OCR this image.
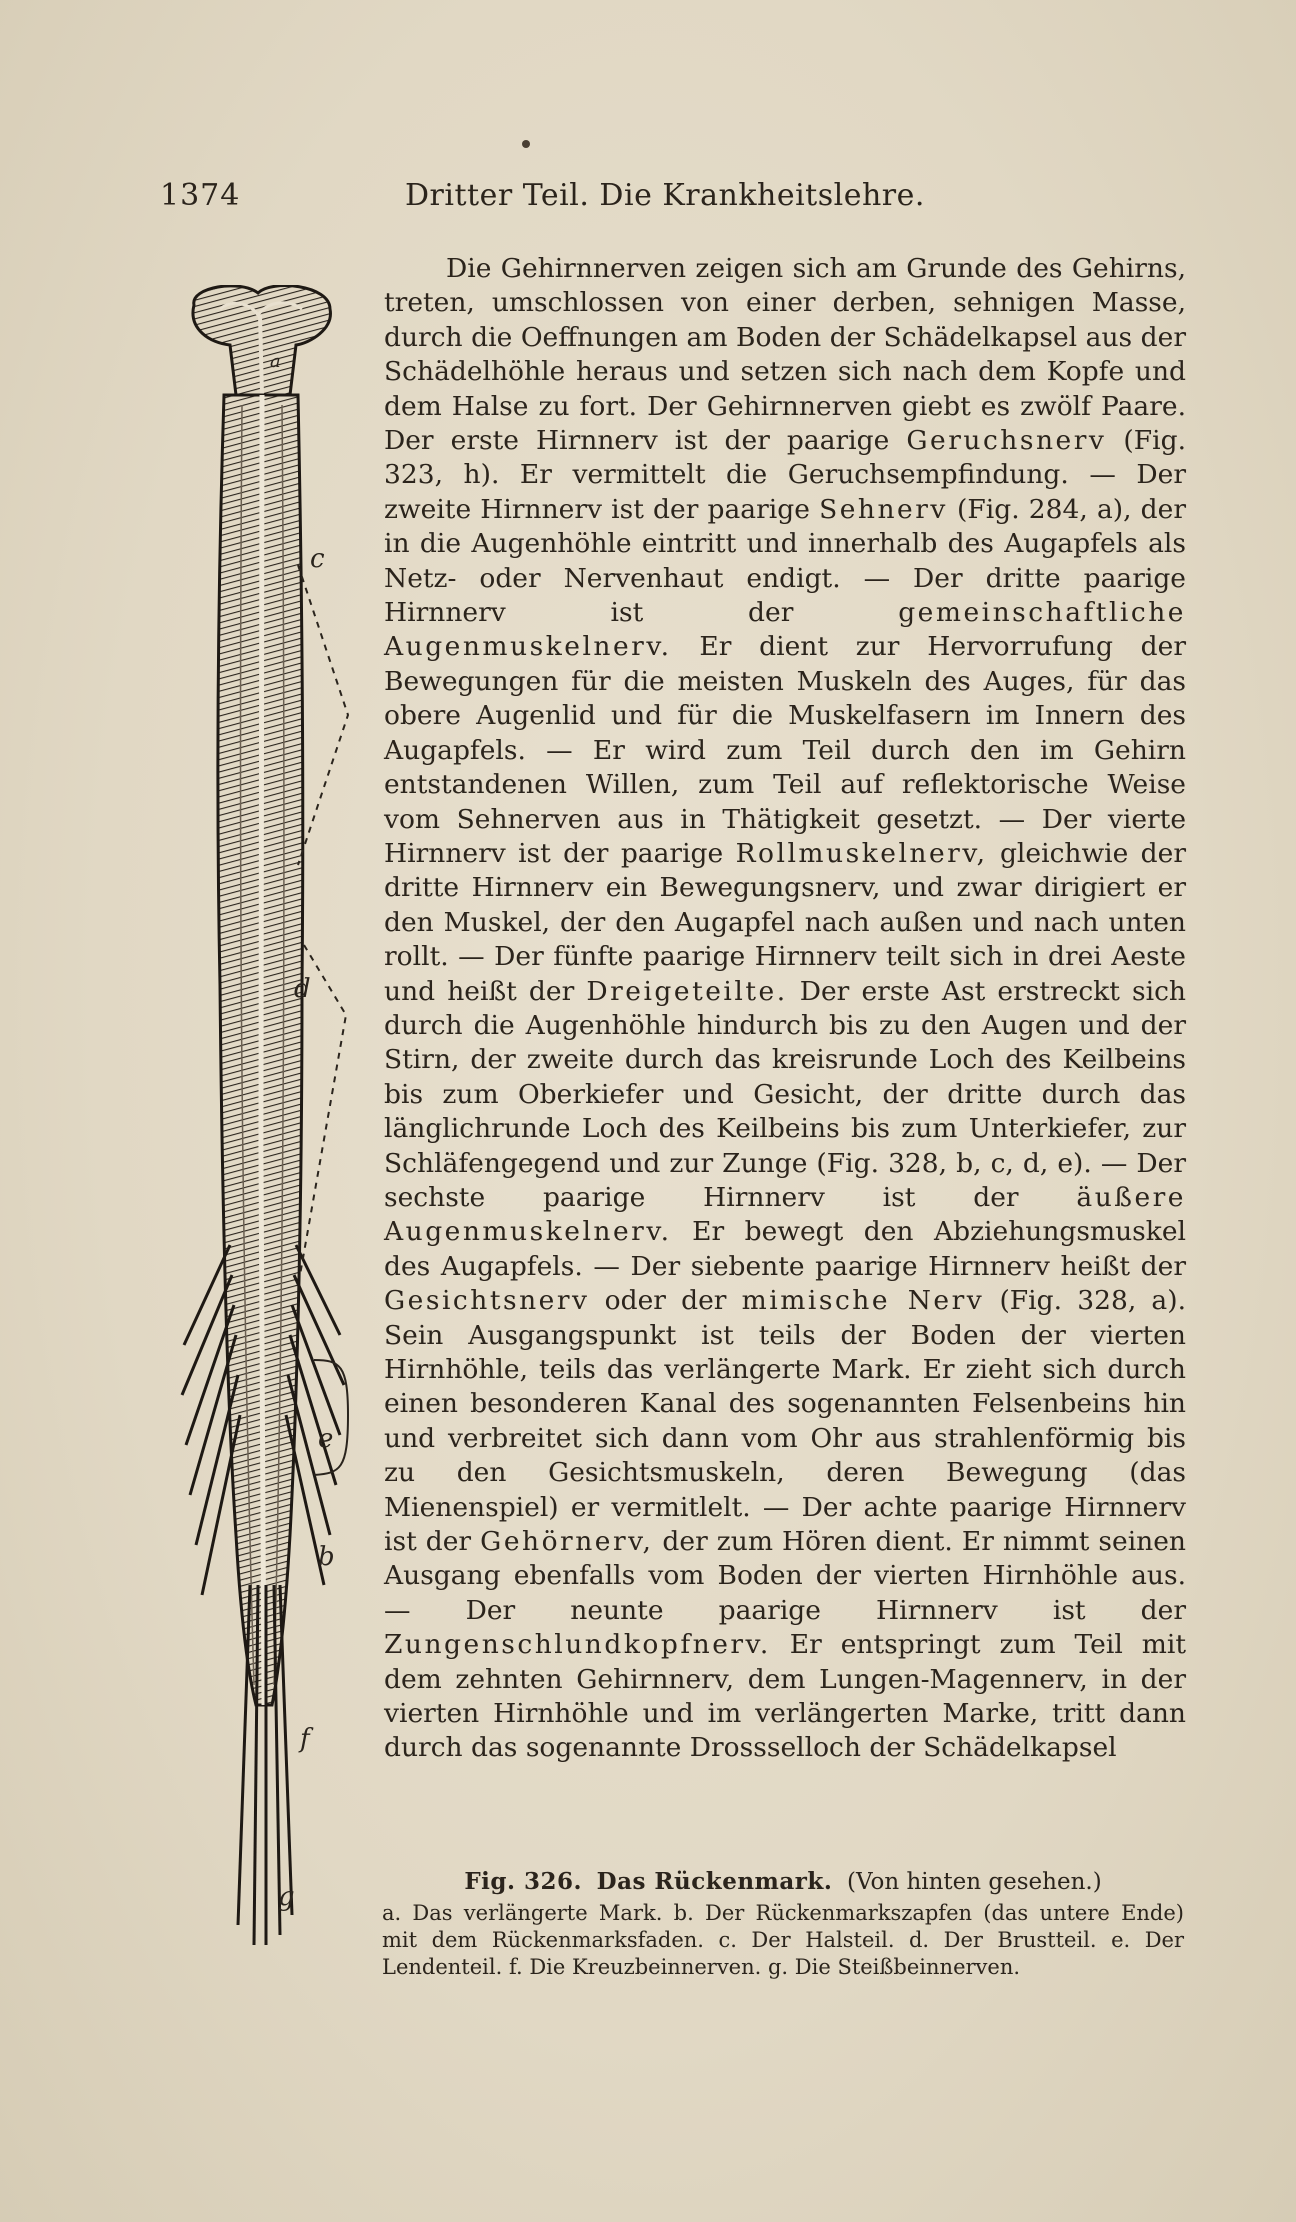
1374	Dritter Teil. Die Krankheitslehre.
a
c
d
e
b
f
g

Die Gehirnnerven zeigen sich am Grunde des Gehirns, treten, umschlossen von einer derben, sehnigen Masse, durch die Oeffnungen am Boden der Schädelkapsel aus der Schädelhöhle heraus und setzen sich nach dem Kopfe und dem Halse zu fort. Der Gehirnnerven giebt es zwölf Paare. Der erste Hirnnerv ist der paarige Geruchsnerv (Fig. 323, h). Er vermittelt die Geruchsempfindung. — Der zweite Hirnnerv ist der paarige Sehnerv (Fig. 284, a), der in die Augenhöhle eintritt und innerhalb des Augapfels als Netz- oder Nervenhaut endigt. — Der dritte paarige Hirnnerv ist der gemeinschaftliche Augenmuskelnerv. Er dient zur Hervorrufung der Bewegungen für die meisten Muskeln des Auges, für das obere Augenlid und für die Muskelfasern im Innern des Augapfels. — Er wird zum Teil durch den im Gehirn entstandenen Willen, zum Teil auf reflektorische Weise vom Sehnerven aus in Thätigkeit gesetzt. — Der vierte Hirnnerv ist der paarige Rollmuskelnerv, gleichwie der dritte Hirnnerv ein Bewegungsnerv, und zwar dirigiert er den Muskel, der den Augapfel nach außen und nach unten rollt. — Der fünfte paarige Hirnnerv teilt sich in drei Aeste und heißt der Dreigeteilte. Der erste Ast erstreckt sich durch die Augenhöhle hindurch bis zu den Augen und der Stirn, der zweite durch das kreisrunde Loch des Keilbeins bis zum Oberkiefer und Gesicht, der dritte durch das länglichrunde Loch des Keilbeins bis zum Unterkiefer, zur Schläfengegend und zur Zunge (Fig. 328, b, c, d, e). — Der sechste paarige Hirnnerv ist der äußere Augenmuskelnerv. Er bewegt den Abziehungsmuskel des Augapfels. — Der siebente paarige Hirnnerv heißt der Gesichtsnerv oder der mimische Nerv (Fig. 328, a). Sein Ausgangspunkt ist teils der Boden der vierten Hirnhöhle, teils das verlängerte Mark. Er zieht sich durch einen besonderen Kanal des sogenannten Felsenbeins hin und verbreitet sich dann vom Ohr aus strahlenförmig bis zu den Gesichtsmuskeln, deren Bewegung (das Mienenspiel) er vermitlelt. — Der achte paarige Hirnnerv ist der Gehörnerv, der zum Hören dient. Er nimmt seinen Ausgang ebenfalls vom Boden der vierten Hirnhöhle aus. — Der neunte paarige Hirnnerv ist der Zungenschlundkopfnerv. Er entspringt zum Teil mit dem zehnten Gehirnnerv, dem Lungen-Magennerv, in der vierten Hirnhöhle und im verlängerten Marke, tritt dann durch das sogenannte Drossselloch der Schädelkapsel

Fig. 326. Das Rückenmark. (Von hinten gesehen.)
a. Das verlängerte Mark. b. Der Rückenmarkszapfen (das untere Ende) mit dem Rückenmarksfaden. c. Der Halsteil. d. Der Brustteil. e. Der Lendenteil. f. Die Kreuzbeinnerven. g. Die Steißbeinnerven.
